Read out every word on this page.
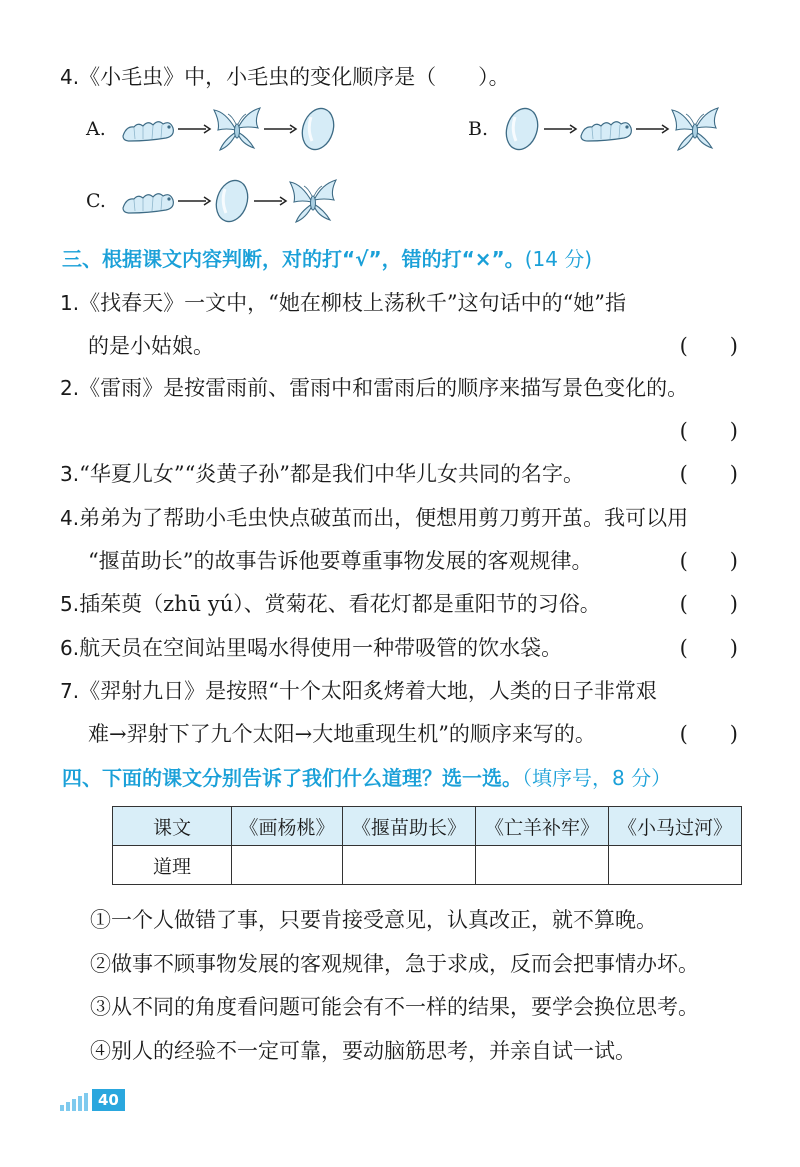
4.《小毛虫》中，小毛虫的变化顺序是（　　）。
A.	B.
C.
三、根据课文内容判断，对的打“√”，错的打“×”。(14 分)
1.《找春天》一文中，“她在柳枝上荡秋千”这句话中的“她”指
的是小姑娘。	(　　)
2.《雷雨》是按雷雨前、雷雨中和雷雨后的顺序来描写景色变化的。
(　　)
3.“华夏儿女”“炎黄子孙”都是我们中华儿女共同的名字。	(　　)
4.弟弟为了帮助小毛虫快点破茧而出，便想用剪刀剪开茧。我可以用
“揠苗助长”的故事告诉他要尊重事物发展的客观规律。	(　　)
5.插茱萸（zhū yú）、赏菊花、看花灯都是重阳节的习俗。	(　　)
6.航天员在空间站里喝水得使用一种带吸管的饮水袋。	(　　)
7.《羿射九日》是按照“十个太阳炙烤着大地，人类的日子非常艰
难→羿射下了九个太阳→大地重现生机”的顺序来写的。	(　　)
四、下面的课文分别告诉了我们什么道理？选一选。（填序号，8 分）
课文	《画杨桃》	《揠苗助长》	《亡羊补牢》	《小马过河》
道理				
①一个人做错了事，只要肯接受意见，认真改正，就不算晚。
②做事不顾事物发展的客观规律，急于求成，反而会把事情办坏。
③从不同的角度看问题可能会有不一样的结果，要学会换位思考。
④别人的经验不一定可靠，要动脑筋思考，并亲自试一试。
40
